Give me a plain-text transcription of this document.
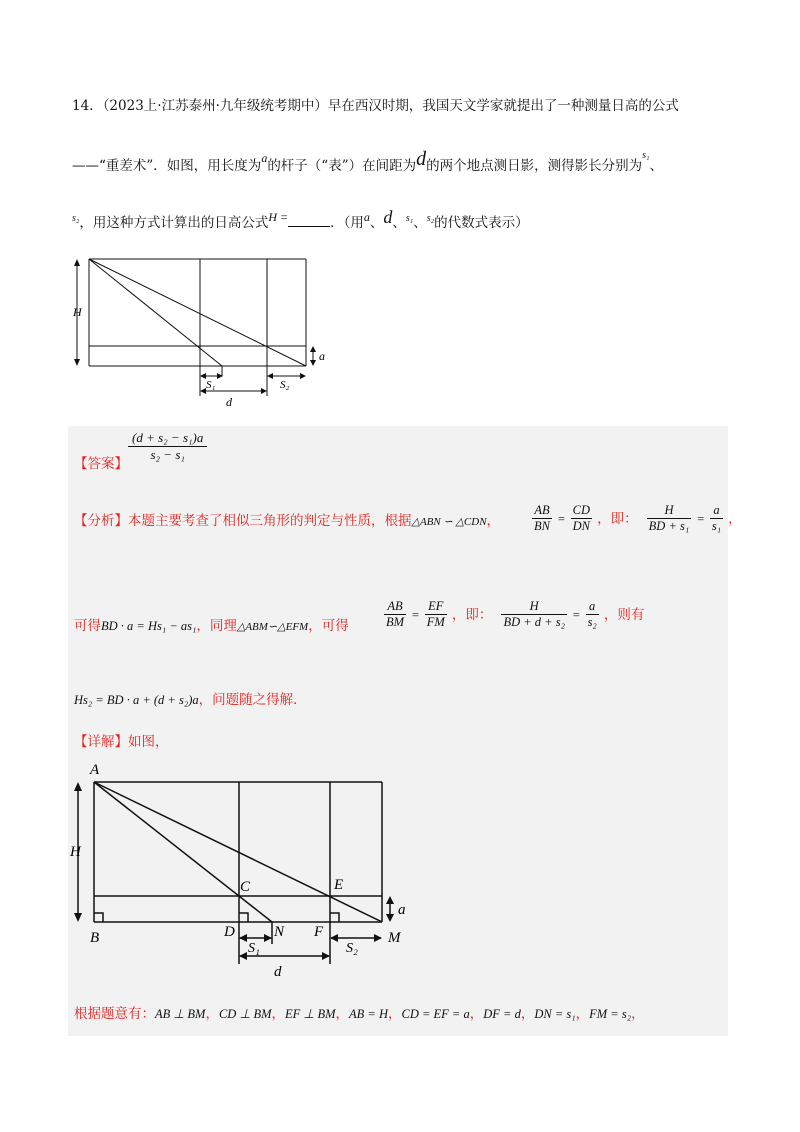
14．（2023上·江苏泰州·九年级统考期中）早在西汉时期，我国天文学家就提出了一种测量日高的公式
——“重差术”．如图，用长度为a的杆子（“表”）在间距为d的两个地点测日影，测得影长分别为$^{s_1}$、
$^{s_2}$，用这种方式计算出的日高公式H =	．（用a、d、$^{s_1}$、$^{s_2}$的代数式表示）
H
a
S₁	S₂
d
【答案】
$\frac{\text{(d + s₂ − s₁)a}}{\text{s₂ − s₁}}$
【分析】本题主要考查了相似三角形的判定与性质，根据△ABN ∽ △CDN，	$\frac{AB}{BN} = \frac{CD}{DN}$ ，即： $\frac{H}{\text{BD + s₁}} = \frac{a}{\text{s₁}}$ ，
可得BD · a = Hs₁ − as₁，同理△ABM∽△EFM，可得	$\frac{AB}{BM} = \frac{EF}{FM}$ ，即： $\frac{H}{\text{BD + d + s₂}} = \frac{a}{\text{s₂}}$ ，则有
Hs₂ = BD · a + (d + s₂)a，问题随之得解．
【详解】如图，
A
B
C
D
E
F
N	M
H
a
S₁	S₂
d
根据题意有：AB ⊥ BM，CD ⊥ BM，EF ⊥ BM，AB = H，CD = EF = a，DF = d，DN = s₁，FM = s₂，
